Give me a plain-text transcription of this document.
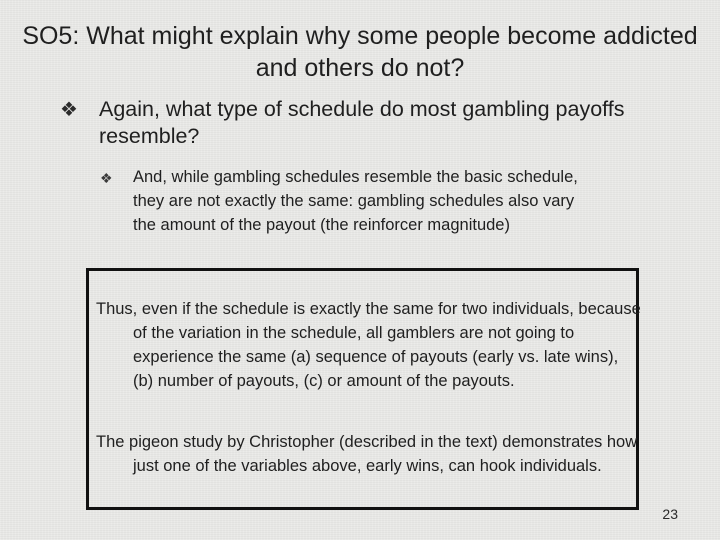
SO5: What might explain why some people become addicted and others do not?
❖ Again, what type of schedule do most gambling payoffs resemble?
❖ And, while gambling schedules resemble the basic schedule, they are not exactly the same: gambling schedules also vary the amount of the payout (the reinforcer magnitude)

Thus, even if the schedule is exactly the same for two individuals, because of the variation in the schedule, all gamblers are not going to experience the same (a) sequence of payouts (early vs. late wins), (b) number of payouts, (c) or amount of the payouts.

The pigeon study by Christopher (described in the text) demonstrates how just one of the variables above, early wins, can hook individuals.

23
